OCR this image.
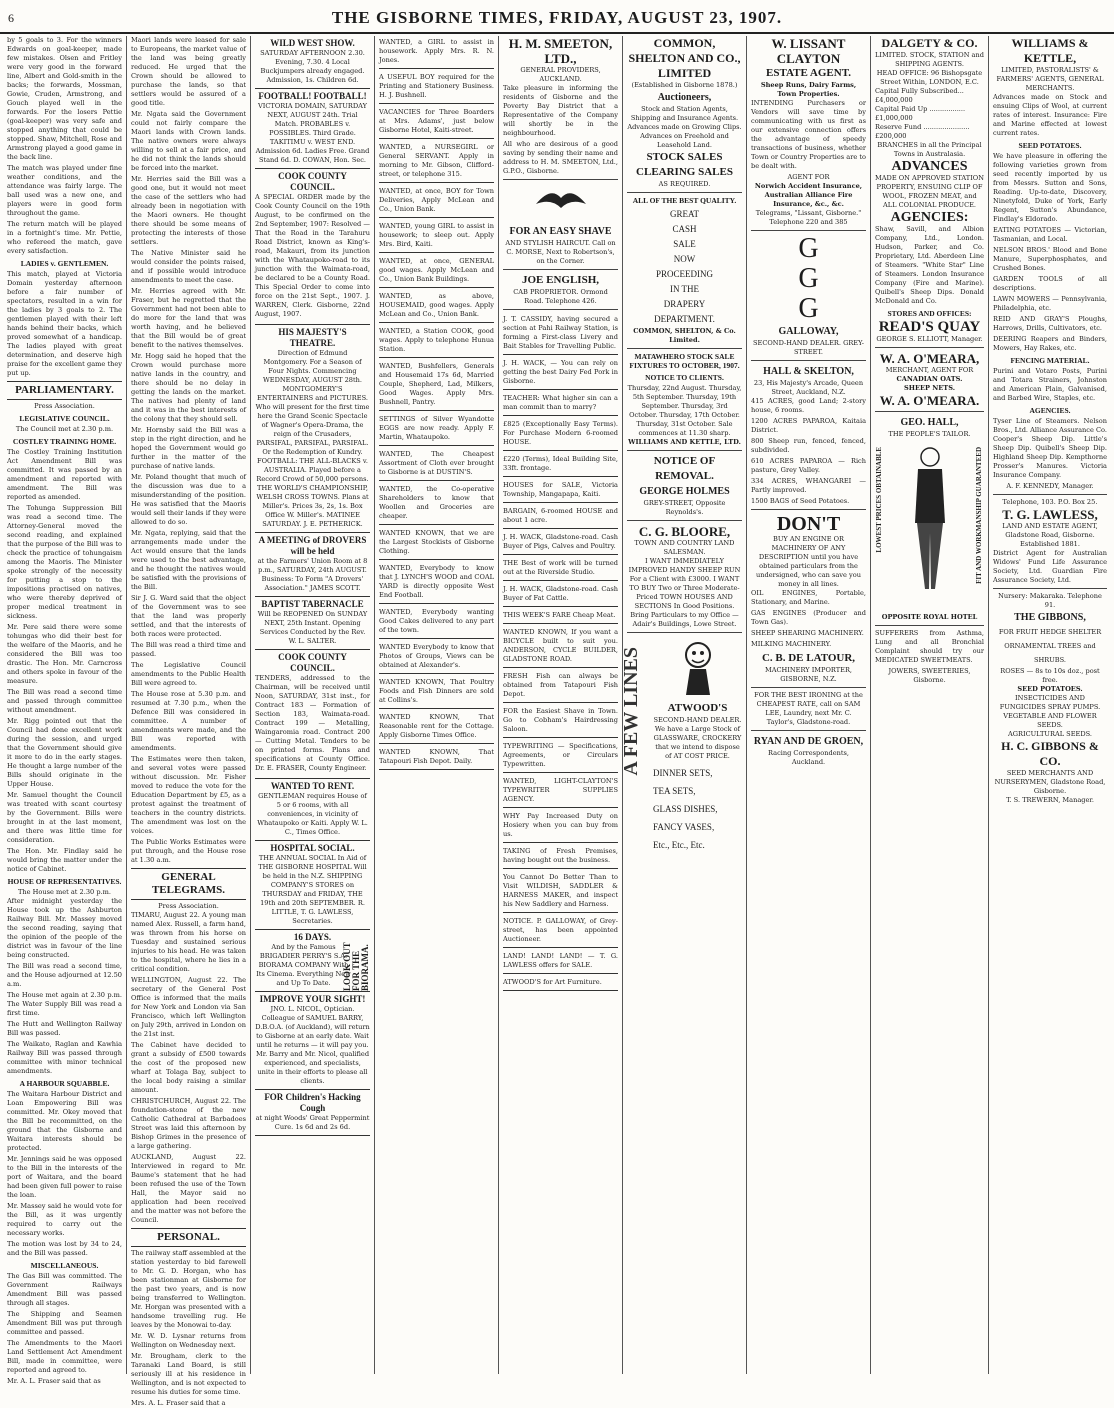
6	THE GISBORNE TIMES, FRIDAY, AUGUST 23, 1907.

by 5 goals to 3. For the winners Edwards on goal-keeper, made few mistakes. Olsen and Fritley were very good in the forward line, Albert and Gold-smith in the backs; the forwards, Mossman, Gowie, Cruden, Armstrong, and Gouch played well in the forwards. For the losers Pettie (goal-keeper) was very safe and stopped anything that could be stopped. Shaw, Mitchell, Rose and Armstrong played a good game in the back line.

The match was played under fine weather conditions, and the attendance was fairly large. The ball used was a new one, and players were in good form throughout the game.

The return match will be played in a fortnight's time. Mr. Pettie, who refereed the match, gave every satisfaction.

LADIES v. GENTLEMEN.

This match, played at Victoria Domain yesterday afternoon before a fair number of spectators, resulted in a win for the ladies by 3 goals to 2. The gentlemen played with their left hands behind their backs, which proved somewhat of a handicap. The ladies played with great determination, and deserve high praise for the excellent game they put up.

PARLIAMENTARY.
Press Association.
LEGISLATIVE COUNCIL.
The Council met at 2.30 p.m.
COSTLEY TRAINING HOME.

The Costley Training Institution Act Amendment Bill was committed. It was passed by an amendment and reported with amendment. The Bill was reported as amended.

The Tohunga Suppression Bill was read a second time. The Attorney-General moved the second reading, and explained that the purpose of the Bill was to check the practice of tohungaism among the Maoris. The Minister spoke strongly of the necessity for putting a stop to the impositions practised on natives, who were thereby deprived of proper medical treatment in sickness.

Mr. Pere said there were some tohungas who did their best for the welfare of the Maoris, and he considered the Bill was too drastic. The Hon. Mr. Carncross and others spoke in favour of the measure.

The Bill was read a second time and passed through committee without amendment.

Mr. Rigg pointed out that the Council had done excellent work during the session, and urged that the Government should give it more to do in the early stages. He thought a large number of the Bills should originate in the Upper House.

Mr. Samuel thought the Council was treated with scant courtesy by the Government. Bills were brought in at the last moment, and there was little time for consideration.

The Hon. Mr. Findlay said he would bring the matter under the notice of Cabinet.

HOUSE OF REPRESENTATIVES.
The House met at 2.30 p.m.

After midnight yesterday the House took up the Ashburton Railway Bill. Mr. Massey moved the second reading, saying that the opinion of the people of the district was in favour of the line being constructed.

The Bill was read a second time, and the House adjourned at 12.50 a.m.

The House met again at 2.30 p.m. The Water Supply Bill was read a first time.

The Hutt and Wellington Railway Bill was passed.

The Waikato, Raglan and Kawhia Railway Bill was passed through committee with minor technical amendments.

A HARBOUR SQUABBLE.

The Waitara Harbour District and Loan Empowering Bill was committed. Mr. Okey moved that the Bill be recommitted, on the ground that the Gisborne and Waitara interests should be protected.

Mr. Jennings said he was opposed to the Bill in the interests of the port of Waitara, and the board had been given full power to raise the loan.

Mr. Massey said he would vote for the Bill, as it was urgently required to carry out the necessary works.

The motion was lost by 34 to 24, and the Bill was passed.

MISCELLANEOUS.

The Gas Bill was committed. The Government Railways Amendment Bill was passed through all stages.

The Shipping and Seamen Amendment Bill was put through committee and passed.

The Amendments to the Maori Land Settlement Act Amendment Bill, made in committee, were reported and agreed to.

Mr. A. L. Fraser said that as

Maori lands were leased for sale to Europeans, the market value of the land was being greatly reduced. He urged that the Crown should be allowed to purchase the lands, so that settlers would be assured of a good title.

Mr. Ngata said the Government could not fairly compare the Maori lands with Crown lands. The native owners were always willing to sell at a fair price, and he did not think the lands should be forced into the market.

Mr. Herries said the Bill was a good one, but it would not meet the case of the settlers who had already been in negotiation with the Maori owners. He thought there should be some means of protecting the interests of those settlers.

The Native Minister said he would consider the points raised, and if possible would introduce amendments to meet the case.

Mr. Herries agreed with Mr. Fraser, but he regretted that the Government had not been able to do more for the land that was worth having, and he believed that the Bill would be of great benefit to the natives themselves.

Mr. Hogg said he hoped that the Crown would purchase more native lands in the country, and there should be no delay in getting the lands on the market. The natives had plenty of land and it was in the best interests of the colony that they should sell.

Mr. Hornsby said the Bill was a step in the right direction, and he hoped the Government would go further in the matter of the purchase of native lands.

Mr. Poland thought that much of the discussion was due to a misunderstanding of the position. He was satisfied that the Maoris would sell their lands if they were allowed to do so.

Mr. Ngata, replying, said that the arrangements made under the Act would ensure that the lands were used to the best advantage, and he thought the natives would be satisfied with the provisions of the Bill.

Sir J. G. Ward said that the object of the Government was to see that the land was properly settled, and that the interests of both races were protected.

The Bill was read a third time and passed.

The Legislative Council amendments to the Public Health Bill were agreed to.

The House rose at 5.30 p.m. and resumed at 7.30 p.m., when the Defence Bill was considered in committee. A number of amendments were made, and the Bill was reported with amendments.

The Estimates were then taken, and several votes were passed without discussion. Mr. Fisher moved to reduce the vote for the Education Department by £5, as a protest against the treatment of teachers in the country districts. The amendment was lost on the voices.

The Public Works Estimates were put through, and the House rose at 1.30 a.m.

GENERAL TELEGRAMS.
Press Association.

TIMARU, August 22. A young man named Alex. Russell, a farm hand, was thrown from his horse on Tuesday and sustained serious injuries to his head. He was taken to the hospital, where he lies in a critical condition.

WELLINGTON, August 22. The secretary of the General Post Office is informed that the mails for New York and London via San Francisco, which left Wellington on July 29th, arrived in London on the 21st inst.

The Cabinet have decided to grant a subsidy of £500 towards the cost of the proposed new wharf at Tolaga Bay, subject to the local body raising a similar amount.

CHRISTCHURCH, August 22. The foundation-stone of the new Catholic Cathedral at Barbadoes Street was laid this afternoon by Bishop Grimes in the presence of a large gathering.

AUCKLAND, August 22. Interviewed in regard to Mr. Baume's statement that he had been refused the use of the Town Hall, the Mayor said no application had been received and the matter was not before the Council.

PERSONAL.

The railway staff assembled at the station yesterday to bid farewell to Mr. G. D. Horgan, who has been stationman at Gisborne for the past two years, and is now being transferred to Wellington. Mr. Horgan was presented with a handsome travelling rug. He leaves by the Monowai to-day.

Mr. W. D. Lysnar returns from Wellington on Wednesday next.

Mr. Brougham, clerk to the Taranaki Land Board, is still seriously ill at his residence in Wellington, and is not expected to resume his duties for some time.

Mrs. A. L. Fraser said that a

WILD WEST SHOW.
SATURDAY AFTERNOON 2.30. Evening, 7.30. 4 Local Buckjumpers already engaged. Admission, 1s. Children 6d.
FOOTBALL! FOOTBALL!
VICTORIA DOMAIN, SATURDAY NEXT, AUGUST 24th. Trial Match. PROBABLES v. POSSIBLES. Third Grade. TAKITIMU v. WEST END. Admission 6d. Ladies Free. Grand Stand 6d. D. COWAN, Hon. Sec.
COOK COUNTY COUNCIL.
A SPECIAL ORDER made by the Cook County Council on the 19th August, to be confirmed on the 2nd September, 1907: Resolved — That the Road in the Tarahuru Road District, known as King's-road, Makauri, from its junction with the Whataupoko-road to its junction with the Waimata-road, be declared to be a County Road. This Special Order to come into force on the 21st Sept., 1907. J. WARREN, Clerk. Gisborne, 22nd August, 1907.
HIS MAJESTY'S THEATRE.
Direction of Edmund Montgomery. For a Season of Four Nights. Commencing WEDNESDAY, AUGUST 28th. MONTGOMERY'S ENTERTAINERS and PICTURES. Who will present for the first time here the Grand Scenic Spectacle of Wagner's Opera-Drama, the reign of the Crusaders, PARSIFAL, PARSIFAL, PARSIFAL. Or the Redemption of Kundry. FOOTBALL: THE ALL-BLACKS v. AUSTRALIA. Played before a Record Crowd of 50,000 persons. THE WORLD'S CHAMPIONSHIP, WELSH CROSS TOWNS. Plans at Miller's. Prices 3s, 2s, 1s. Box Office W. Miller's. MATINEE SATURDAY. J. E. PETHERICK.
A MEETING of DROVERS will be held
at the Farmers' Union Room at 8 p.m., SATURDAY, 24th AUGUST. Business: To Form "A Drovers' Association." JAMES SCOTT.
BAPTIST TABERNACLE
Will be REOPENED On SUNDAY NEXT, 25th Instant. Opening Services Conducted by the Rev. W. L. SALTER.
COOK COUNTY COUNCIL.
TENDERS, addressed to the Chairman, will be received until Noon, SATURDAY, 31st inst., for Contract 183 — Formation of Section 183, Waimata-road. Contract 199 — Metalling, Waingaromia road. Contract 200 — Cutting Metal. Tenders to be on printed forms. Plans and specifications at County Office. Dr. E. FRASER, County Engineer.
WANTED TO RENT.
GENTLEMAN requires House of 5 or 6 rooms, with all conveniences, in vicinity of Whataupoko or Kaiti. Apply W. L. C., Times Office.
HOSPITAL SOCIAL.
THE ANNUAL SOCIAL In Aid of THE GISBORNE HOSPITAL Will be held in the N.Z. SHIPPING COMPANY'S STORES on THURSDAY and FRIDAY, THE 19th and 20th SEPTEMBER. R. LITTLE, T. G. LAWLESS, Secretaries.
16 DAYS.
And by the Famous BRIGADIER PERRY'S S.A. BIORAMA COMPANY With Its Cinema. Everything New and Up To Date.	LOOK OUT FOR THE BIORAMA.
IMPROVE YOUR SIGHT!
JNO. L. NICOL, Optician. Colleague of SAMUEL BARRY, D.B.O.A. (of Auckland), will return to Gisborne at an early date. Wait until he returns — it will pay you. Mr. Barry and Mr. Nicol, qualified experienced, and specialists, unite in their efforts to please all clients.
FOR Children's Hacking Cough
at night Woods' Great Peppermint Cure. 1s 6d and 2s 6d.
WANTED, a GIRL to assist in housework. Apply Mrs. R. N. Jones.
A USEFUL BOY required for the Printing and Stationery Business. H. J. Bushnell.
VACANCIES for Three Boarders at Mrs. Adams', just below Gisborne Hotel, Kaiti-street.
WANTED, a NURSEGIRL or General SERVANT. Apply in morning to Mr. Gibson, Clifford-street, or telephone 315.
WANTED, at once, BOY for Town Deliveries, Apply McLean and Co., Union Bank.
WANTED, young GIRL to assist in housework; to sleep out. Apply Mrs. Bird, Kaiti.
WANTED, at once, GENERAL good wages. Apply McLean and Co., Union Bank Buildings.
WANTED, as above, HOUSEMAID, good wages. Apply McLean and Co., Union Bank.
WANTED, a Station COOK, good wages. Apply to telephone Hunua Station.
WANTED, Bushfellers, Generals and Housemaid 17s 6d, Married Couple, Shepherd, Lad, Milkers, Good Wages. Apply Mrs. Bushnell, Pantry.
SETTINGS of Silver Wyandotte EGGS are now ready. Apply F. Martin, Whataupoko.
WANTED, The Cheapest Assortment of Cloth ever brought to Gisborne is at DUSTIN'S.
WANTED, the Co-operative Shareholders to know that Woollen and Groceries are cheaper.
WANTED KNOWN, that we are the Largest Stockists of Gisborne Clothing.
WANTED, Everybody to know that J. LYNCH'S WOOD and COAL YARD is directly opposite West End Football.
WANTED, Everybody wanting Good Cakes delivered to any part of the town.
WANTED Everybody to know that Photos of Groups, Views can be obtained at Alexander's.
WANTED KNOWN, That Poultry Foods and Fish Dinners are sold at Collins's.
WANTED KNOWN, That Reasonable rent for the Cottage. Apply Gisborne Times Office.
WANTED KNOWN, That Tatapouri Fish Depot. Daily.
H. M. SMEETON, LTD.,
GENERAL PROVIDERS, AUCKLAND.

Take pleasure in informing the residents of Gisborne and the Poverty Bay District that a Representative of the Company will shortly be in the neighbourhood.

All who are desirous of a good saving by sending their name and address to H. M. SMEETON, Ltd., G.P.O., Gisborne.

FOR AN EASY SHAVE
AND STYLISH HAIRCUT. Call on C. MORSE, Next to Robertson's, on the Corner.
JOE ENGLISH,
CAB PROPRIETOR. Ormond Road. Telephone 426.
J. T. CASSIDY, having secured a section at Pahi Railway Station, is forming a First-class Livery and Bait Stables for Travelling Public.
J. H. WACK, — You can rely on getting the best Dairy Fed Pork in Gisborne.
TEACHER: What higher sin can a man commit than to marry?
£825 (Exceptionally Easy Terms). For Purchase Modern 6-roomed HOUSE.
£220 (Terms), Ideal Building Site, 33ft. frontage.
HOUSES for SALE, Victoria Township, Mangapapa, Kaiti.
BARGAIN, 6-roomed HOUSE and about 1 acre.
J. H. WACK, Gladstone-road. Cash Buyer of Pigs, Calves and Poultry.
THE Best of work will be turned out at the Riverside Studio.
J. H. WACK, Gladstone-road. Cash Buyer of Fat Cattle.
THIS WEEK'S FARE Cheap Meat.
WANTED KNOWN, If you want a BICYCLE built to suit you. ANDERSON, CYCLE BUILDER, GLADSTONE ROAD.
FRESH Fish can always be obtained from Tatapouri Fish Depot.
FOR the Easiest Shave in Town. Go to Cobham's Hairdressing Saloon.
TYPEWRITING — Specifications, Agreements, or Circulars Typewritten.
WANTED, LIGHT-CLAYTON'S TYPEWRITER SUPPLIES AGENCY.
WHY Pay Increased Duty on Hosiery when you can buy from us.
TAKING of Fresh Premises, having bought out the business.
You Cannot Do Better Than to Visit WILDISH, SADDLER & HARNESS MAKER, and inspect his New Saddlery and Harness.
NOTICE. P. GALLOWAY, of Grey-street, has been appointed Auctioneer.
LAND! LAND! LAND! — T. G. LAWLESS offers for SALE.
ATWOOD'S for Art Furniture.
COMMON, SHELTON AND CO., LIMITED
(Established in Gisborne 1878.)
Auctioneers,
Stock and Station Agents, Shipping and Insurance Agents. Advances made on Growing Clips. Advances on Freehold and Leasehold Land.
STOCK SALES
CLEARING SALES
AS REQUIRED.
ALL OF THE BEST QUALITY.
GREAT
CASH
SALE
NOW
PROCEEDING
IN THE
DRAPERY
DEPARTMENT.
COMMON, SHELTON, & Co. Limited.
MATAWHERO STOCK SALE FIXTURES TO OCTOBER, 1907.
NOTICE TO CLIENTS.
Thursday, 22nd August. Thursday, 5th September. Thursday, 19th September. Thursday, 3rd October. Thursday, 17th October. Thursday, 31st October. Sale commences at 11.30 sharp.
WILLIAMS AND KETTLE, LTD.
NOTICE OF REMOVAL.
GEORGE HOLMES
GREY-STREET, Opposite Reynolds's.
C. G. BLOORE,
TOWN AND COUNTRY LAND SALESMAN.
I WANT IMMEDIATELY IMPROVED HANDY SHEEP RUN For a Client with £3000. I WANT TO BUY Two or Three Moderate-Priced TOWN HOUSES AND SECTIONS In Good Positions. Bring Particulars to my Office — Adair's Buildings, Lowe Street.
A FEW LINES	ATWOOD'S
SECOND-HAND DEALER.
We have a Large Stock of GLASSWARE, CROCKERY that we intend to dispose of AT COST PRICE.
DINNER SETS,
TEA SETS,
GLASS DISHES,
FANCY VASES,
Etc., Etc., Etc.
W. LISSANT CLAYTON
ESTATE AGENT.
Sheep Runs, Dairy Farms, Town Properties.

INTENDING Purchasers or Vendors will save time by communicating with us first as our extensive connection offers the advantage of speedy transactions of business, whether Town or Country Properties are to be dealt with.

AGENT FOR
Norwich Accident Insurance,
Australian Alliance Fire Insurance, &c., &c.
Telegrams, "Lissant, Gisborne." Telephone 220 and 385
G
G
G
GALLOWAY,
SECOND-HAND DEALER. GREY-STREET.
HALL & SKELTON,
23, His Majesty's Arcade, Queen Street, Auckland, N.Z.
415 ACRES, good Land; 2-story house, 6 rooms.
1200 ACRES PAPAROA, Kaitaia District.
800 Sheep run, fenced, fenced, subdivided.
610 ACRES PAPAROA — Rich pasture, Grey Valley.
334 ACRES, WHANGAREI — Partly improved.
1500 BAGS of Seed Potatoes.
DON'T
BUY AN ENGINE OR MACHINERY OF ANY DESCRIPTION until you have obtained particulars from the undersigned, who can save you money in all lines.

OIL ENGINES, Portable, Stationary, and Marine.

GAS ENGINES (Producer and Town Gas).

SHEEP SHEARING MACHINERY.

MILKING MACHINERY.

C. B. DE LATOUR,
MACHINERY IMPORTER, GISBORNE, N.Z.
FOR THE BEST IRONING at the CHEAPEST RATE, call on SAM LEE, Laundry, next Mr. C. Taylor's, Gladstone-road.
RYAN AND DE GROEN,
Racing Correspondents, Auckland.
DALGETY & CO.
LIMITED. STOCK, STATION and SHIPPING AGENTS.
HEAD OFFICE: 96 Bishopsgate Street Within, LONDON, E.C.
Capital Fully Subscribed...£4,000,000
Capital Paid Up .................£1,000,000
Reserve Fund ......................£200,000
BRANCHES in all the Principal Towns in Australasia.
ADVANCES
MADE ON APPROVED STATION PROPERTY, ENSUING CLIP OF WOOL, FROZEN MEAT, and ALL COLONIAL PRODUCE.
AGENCIES:

Shaw, Savill, and Albion Company, Ltd., London. Hudson, Parker, and Co. Proprietary, Ltd. Aberdeen Line of Steamers. "White Star" Line of Steamers. London Insurance Company (Fire and Marine). Quibell's Sheep Dips. Donald McDonald and Co.

STORES AND OFFICES:
READ'S QUAY
GEORGE S. ELLIOTT, Manager.
W. A. O'MEARA,
MERCHANT, AGENT FOR
CANADIAN OATS.
SHEEP NETS.
W. A. O'MEARA.
GEO. HALL,
THE PEOPLE'S TAILOR.
LOWEST PRICES OBTAINABLE	FIT AND WORKMANSHIP GUARANTEED
OPPOSITE ROYAL HOTEL

SUFFERERS from Asthma, Lung and all Bronchial Complaint should try our MEDICATED SWEETMEATS.

JOWERS, SWEETERIES, Gisborne.
WILLIAMS & KETTLE,
LIMITED, PASTORALISTS' & FARMERS' AGENTS, GENERAL MERCHANTS.

Advances made on Stock and ensuing Clips of Wool, at current rates of interest. Insurance: Fire and Marine effected at lowest current rates.

SEED POTATOES.

We have pleasure in offering the following varieties grown from seed recently imported by us from Messrs. Sutton and Sons, Reading. Up-to-date, Discovery, Ninetyfold, Duke of York, Early Regent, Sutton's Abundance, Findlay's Eldorado.

EATING POTATOES — Victorian, Tasmanian, and Local.

NELSON BROS.' Blood and Bone Manure, Superphosphates, and Crushed Bones.

GARDEN TOOLS of all descriptions.

LAWN MOWERS — Pennsylvania, Philadelphia, etc.

REID AND GRAY'S Ploughs, Harrows, Drills, Cultivators, etc.

DEERING Reapers and Binders, Mowers, Hay Rakes, etc.

FENCING MATERIAL.

Purini and Votaro Posts, Purini and Totara Strainers, Johnston and American Plain, Galvanised, and Barbed Wire, Staples, etc.

AGENCIES.

Tyser Line of Steamers. Nelson Bros., Ltd. Alliance Assurance Co. Cooper's Sheep Dip. Little's Sheep Dip. Quibell's Sheep Dip. Highland Sheep Dip. Kempthorne Prosser's Manures. Victoria Insurance Company.

A. F. KENNEDY, Manager.
Telephone, 103. P.O. Box 25.
T. G. LAWLESS,
LAND AND ESTATE AGENT, Gladstone Road, Gisborne. Established 1881.

District Agent for Australian Widows' Fund Life Assurance Society, Ltd. Guardian Fire Assurance Society, Ltd.

Nursery: Makaraka. Telephone 91.
THE GIBBONS,
FOR FRUIT HEDGE SHELTER ORNAMENTAL TREES and SHRUBS.
ROSES — 8s to 10s doz., post free.
SEED POTATOES.
INSECTICIDES AND FUNGICIDES SPRAY PUMPS.
VEGETABLE AND FLOWER SEEDS.
AGRICULTURAL SEEDS.
H. C. GIBBONS & CO.
SEED MERCHANTS AND NURSERYMEN, Gladstone Road, Gisborne.
T. S. TREWERN, Manager.
